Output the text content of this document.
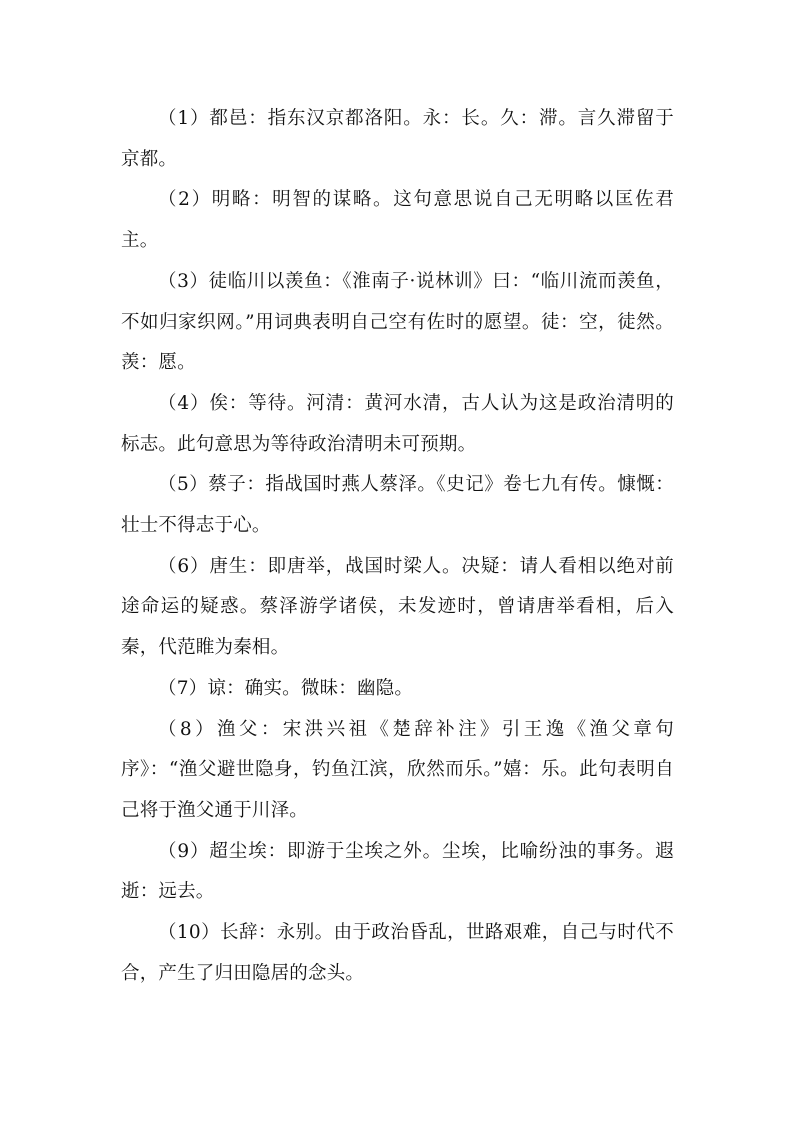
（1）都邑：指东汉京都洛阳。永：长。久：滞。言久滞留于京都。

（2）明略：明智的谋略。这句意思说自己无明略以匡佐君主。

（3）徒临川以羡鱼：《淮南子·说林训》曰：“临川流而羡鱼，不如归家织网。”用词典表明自己空有佐时的愿望。徒：空，徒然。羡：愿。

（4）俟：等待。河清：黄河水清，古人认为这是政治清明的标志。此句意思为等待政治清明未可预期。

（5）蔡子：指战国时燕人蔡泽。《史记》卷七九有传。慷慨：壮士不得志于心。

（6）唐生：即唐举，战国时梁人。决疑：请人看相以绝对前途命运的疑惑。蔡泽游学诸侯，未发迹时，曾请唐举看相，后入秦，代范睢为秦相。

（7）谅：确实。微昧：幽隐。

（8）渔父：宋洪兴祖《楚辞补注》引王逸《渔父章句序》：“渔父避世隐身，钓鱼江滨，欣然而乐。”嬉：乐。此句表明自己将于渔父通于川泽。

（9）超尘埃：即游于尘埃之外。尘埃，比喻纷浊的事务。遐逝：远去。

（10）长辞：永别。由于政治昏乱，世路艰难，自己与时代不合，产生了归田隐居的念头。
